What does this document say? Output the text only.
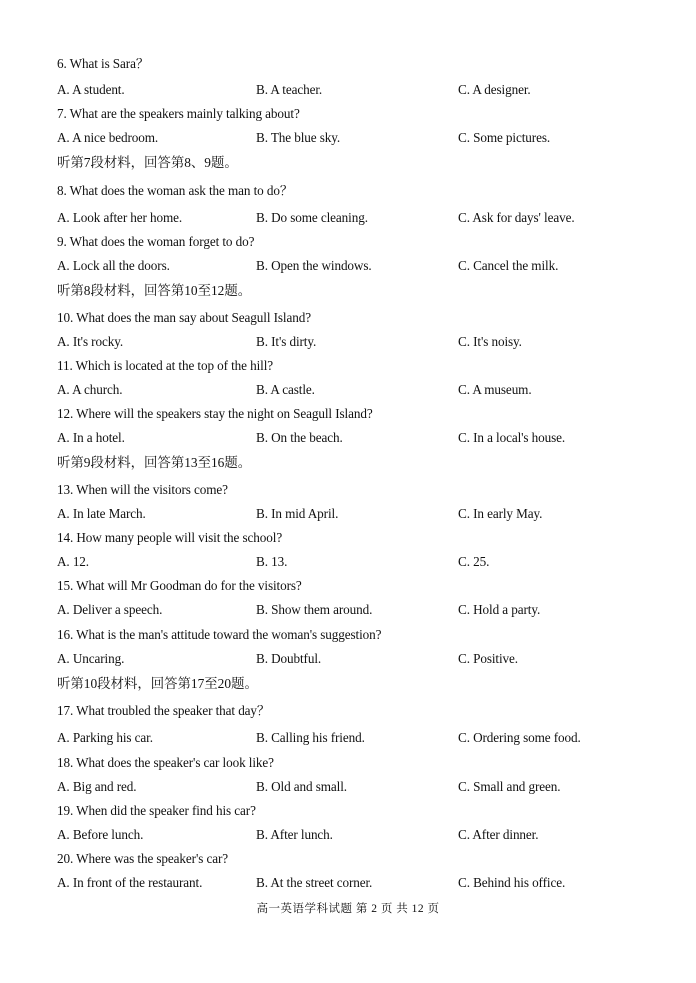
6. What is Sara？
A. A student.	B. A teacher.	C. A designer.
7. What are the speakers mainly talking about?
A. A nice bedroom.	B. The blue sky.	C. Some pictures.
听第7段材料，回答第8、9题。
8. What does the woman ask the man to do？
A. Look after her home.	B. Do some cleaning.	C. Ask for days' leave.
9. What does the woman forget to do?
A. Lock all the doors.	B. Open the windows.	C. Cancel the milk.
听第8段材料，回答第10至12题。
10. What does the man say about Seagull Island?
A. It's rocky.	B. It's dirty.	C. It's noisy.
11. Which is located at the top of the hill?
A. A church.	B. A castle.	C. A museum.
12. Where will the speakers stay the night on Seagull Island?
A. In a hotel.	B. On the beach.	C. In a local's house.
听第9段材料，回答第13至16题。
13. When will the visitors come?
A. In late March.	B. In mid April.	C. In early May.
14. How many people will visit the school?
A. 12.	B. 13.	C. 25.
15. What will Mr Goodman do for the visitors?
A. Deliver a speech.	B. Show them around.	C. Hold a party.
16. What is the man's attitude toward the woman's suggestion?
A. Uncaring.	B. Doubtful.	C. Positive.
听第10段材料，回答第17至20题。
17. What troubled the speaker that day？
A. Parking his car.	B. Calling his friend.	C. Ordering some food.
18. What does the speaker's car look like?
A. Big and red.	B. Old and small.	C. Small and green.
19. When did the speaker find his car?
A. Before lunch.	B. After lunch.	C. After dinner.
20. Where was the speaker's car?
A. In front of the restaurant.	B. At the street corner.	C. Behind his office.
高一英语学科试题 第 2 页 共 12 页
